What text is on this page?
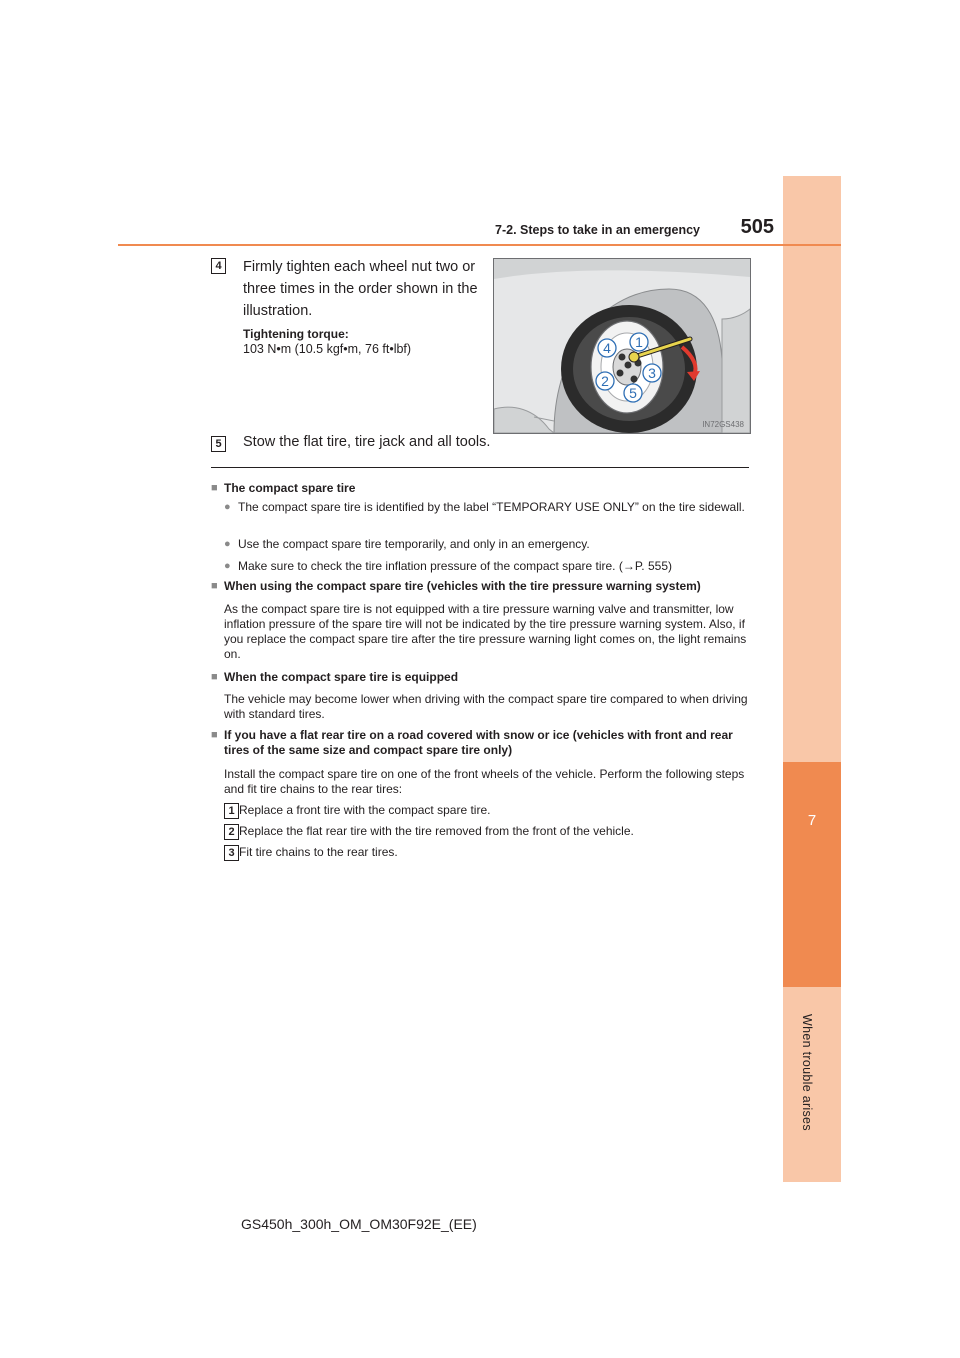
7
When trouble arises
7-2. Steps to take in an emergency	505
4	Firmly tighten each wheel nut two or three times in the order shown in the illustration.
Tightening torque:
103 N•m (10.5 kgf•m, 76 ft•lbf)	1
2	3
4
5
IN72GS438
5	Stow the flat tire, tire jack and all tools.
■ The compact spare tire
● The compact spare tire is identified by the label “TEMPORARY USE ONLY” on the tire sidewall.
● Use the compact spare tire temporarily, and only in an emergency.
● Make sure to check the tire inflation pressure of the compact spare tire. (→P. 555)
■ When using the compact spare tire (vehicles with the tire pressure warning system)
As the compact spare tire is not equipped with a tire pressure warning valve and transmitter, low inflation pressure of the spare tire will not be indicated by the tire pressure warning system. Also, if you replace the compact spare tire after the tire pressure warning light comes on, the light remains on.
■ When the compact spare tire is equipped
The vehicle may become lower when driving with the compact spare tire compared to when driving with standard tires.
■ If you have a flat rear tire on a road covered with snow or ice (vehicles with front and rear tires of the same size and compact spare tire only)
Install the compact spare tire on one of the front wheels of the vehicle. Perform the following steps and fit tire chains to the rear tires:
1 Replace a front tire with the compact spare tire.
2 Replace the flat rear tire with the tire removed from the front of the vehicle.
3 Fit tire chains to the rear tires.
GS450h_300h_OM_OM30F92E_(EE)
